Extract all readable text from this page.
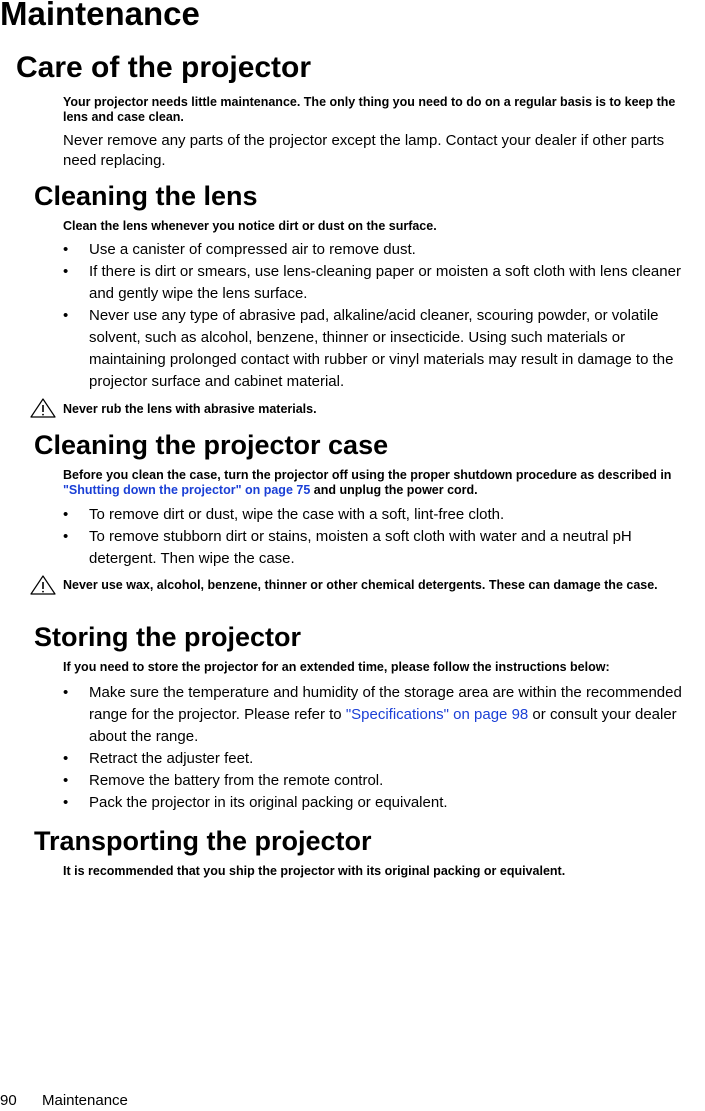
Maintenance
Care of the projector

Your projector needs little maintenance. The only thing you need to do on a regular basis is to keep the lens and case clean.

Never remove any parts of the projector except the lamp. Contact your dealer if other parts need replacing.

Cleaning the lens

Clean the lens whenever you notice dirt or dust on the surface.

• Use a canister of compressed air to remove dust.
• If there is dirt or smears, use lens-cleaning paper or moisten a soft cloth with lens cleaner and gently wipe the lens surface.
• Never use any type of abrasive pad, alkaline/acid cleaner, scouring powder, or volatile solvent, such as alcohol, benzene, thinner or insecticide. Using such materials or maintaining prolonged contact with rubber or vinyl materials may result in damage to the projector surface and cabinet material.

Never rub the lens with abrasive materials.

Cleaning the projector case

Before you clean the case, turn the projector off using the proper shutdown procedure as described in "Shutting down the projector" on page 75 and unplug the power cord.

• To remove dirt or dust, wipe the case with a soft, lint-free cloth.
• To remove stubborn dirt or stains, moisten a soft cloth with water and a neutral pH detergent. Then wipe the case.

Never use wax, alcohol, benzene, thinner or other chemical detergents. These can damage the case.

Storing the projector

If you need to store the projector for an extended time, please follow the instructions below:

• Make sure the temperature and humidity of the storage area are within the recommended range for the projector. Please refer to "Specifications" on page 98 or consult your dealer about the range.
• Retract the adjuster feet.
• Remove the battery from the remote control.
• Pack the projector in its original packing or equivalent.
Transporting the projector

It is recommended that you ship the projector with its original packing or equivalent.

90 Maintenance
